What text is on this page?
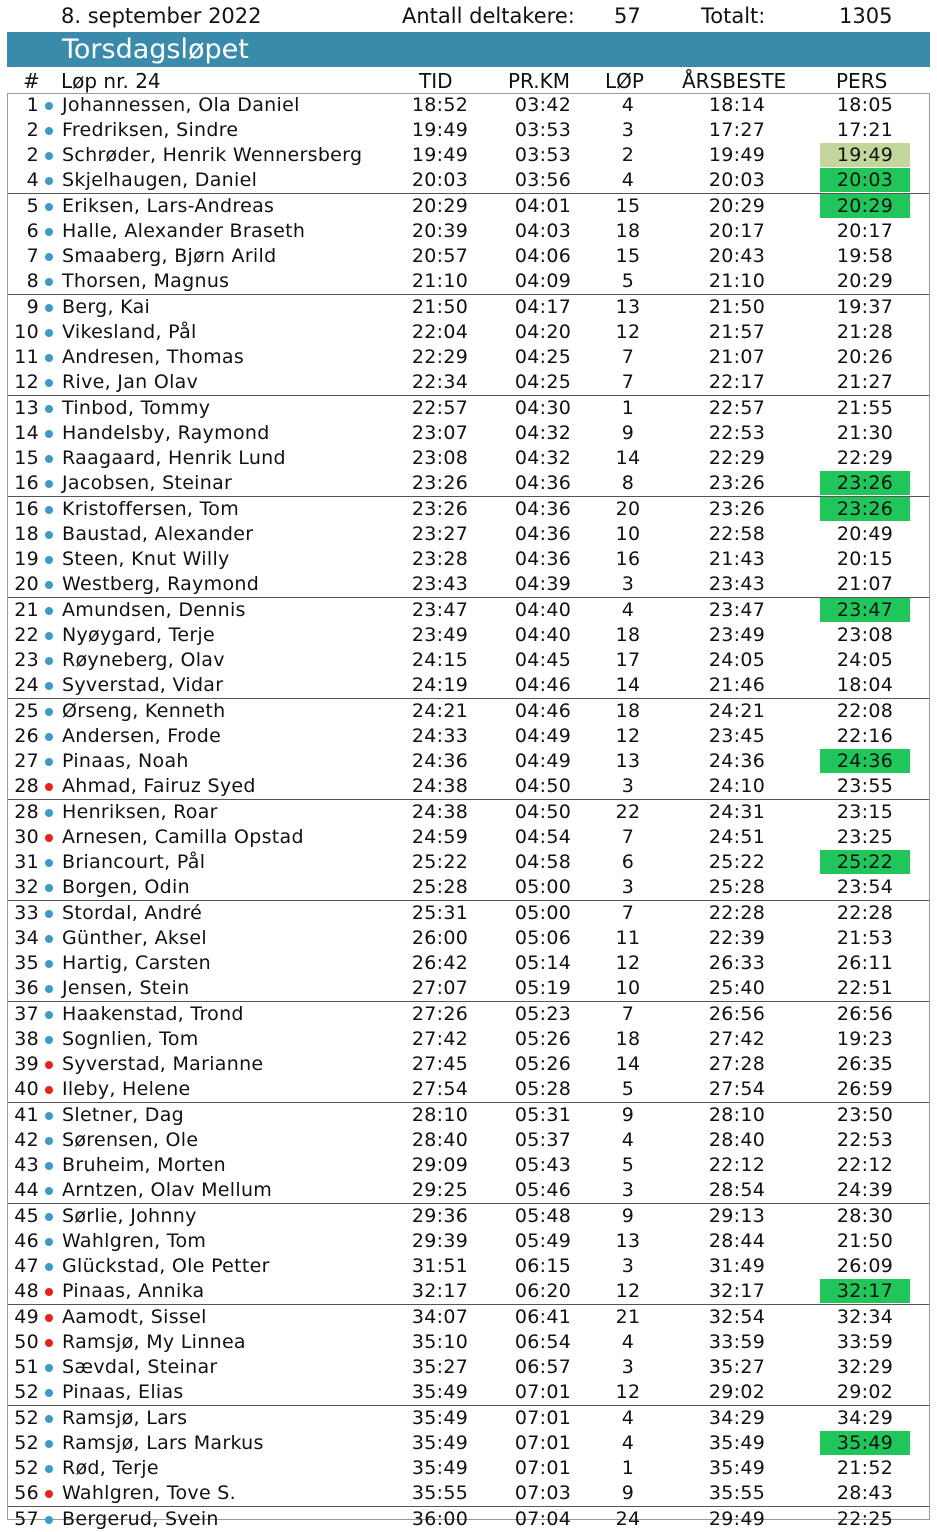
8. september 2022	Antall deltakere: 57	Totalt:	1305
Torsdagsløpet
# Løp nr. 24	TID	PR.KM LØP ÅRSBESTE PERS
1 Johannessen, Ola Daniel	18:52	03:42	4	18:14	18:05
2 Fredriksen, Sindre	19:49	03:53	3	17:27	17:21
2 Schrøder, Henrik Wennersberg	19:49	03:53	2	19:49	19:49
4 Skjelhaugen, Daniel	20:03	03:56	4	20:03	20:03
5 Eriksen, Lars-Andreas	20:29	04:01	15	20:29	20:29
6 Halle, Alexander Braseth	20:39	04:03	18	20:17	20:17
7 Smaaberg, Bjørn Arild	20:57	04:06	15	20:43	19:58
8 Thorsen, Magnus	21:10	04:09	5	21:10	20:29
9 Berg, Kai	21:50	04:17	13	21:50	19:37
10 Vikesland, Pål	22:04	04:20	12	21:57	21:28
11 Andresen, Thomas	22:29	04:25	7	21:07	20:26
12 Rive, Jan Olav	22:34	04:25	7	22:17	21:27
13 Tinbod, Tommy	22:57	04:30	1	22:57	21:55
14 Handelsby, Raymond	23:07	04:32	9	22:53	21:30
15 Raagaard, Henrik Lund	23:08	04:32	14	22:29	22:29
16 Jacobsen, Steinar	23:26	04:36	8	23:26	23:26
16 Kristoffersen, Tom	23:26	04:36	20	23:26	23:26
18 Baustad, Alexander	23:27	04:36	10	22:58	20:49
19 Steen, Knut Willy	23:28	04:36	16	21:43	20:15
20 Westberg, Raymond	23:43	04:39	3	23:43	21:07
21 Amundsen, Dennis	23:47	04:40	4	23:47	23:47
22 Nyøygard, Terje	23:49	04:40	18	23:49	23:08
23 Røyneberg, Olav	24:15	04:45	17	24:05	24:05
24 Syverstad, Vidar	24:19	04:46	14	21:46	18:04
25 Ørseng, Kenneth	24:21	04:46	18	24:21	22:08
26 Andersen, Frode	24:33	04:49	12	23:45	22:16
27 Pinaas, Noah	24:36	04:49	13	24:36	24:36
28 Ahmad, Fairuz Syed	24:38	04:50	3	24:10	23:55
28 Henriksen, Roar	24:38	04:50	22	24:31	23:15
30 Arnesen, Camilla Opstad	24:59	04:54	7	24:51	23:25
31 Briancourt, Pål	25:22	04:58	6	25:22	25:22
32 Borgen, Odin	25:28	05:00	3	25:28	23:54
33 Stordal, André	25:31	05:00	7	22:28	22:28
34 Günther, Aksel	26:00	05:06	11	22:39	21:53
35 Hartig, Carsten	26:42	05:14	12	26:33	26:11
36 Jensen, Stein	27:07	05:19	10	25:40	22:51
37 Haakenstad, Trond	27:26	05:23	7	26:56	26:56
38 Sognlien, Tom	27:42	05:26	18	27:42	19:23
39 Syverstad, Marianne	27:45	05:26	14	27:28	26:35
40 Ileby, Helene	27:54	05:28	5	27:54	26:59
41 Sletner, Dag	28:10	05:31	9	28:10	23:50
42 Sørensen, Ole	28:40	05:37	4	28:40	22:53
43 Bruheim, Morten	29:09	05:43	5	22:12	22:12
44 Arntzen, Olav Mellum	29:25	05:46	3	28:54	24:39
45 Sørlie, Johnny	29:36	05:48	9	29:13	28:30
46 Wahlgren, Tom	29:39	05:49	13	28:44	21:50
47 Glückstad, Ole Petter	31:51	06:15	3	31:49	26:09
48 Pinaas, Annika	32:17	06:20	12	32:17	32:17
49 Aamodt, Sissel	34:07	06:41	21	32:54	32:34
50 Ramsjø, My Linnea	35:10	06:54	4	33:59	33:59
51 Sævdal, Steinar	35:27	06:57	3	35:27	32:29
52 Pinaas, Elias	35:49	07:01	12	29:02	29:02
52 Ramsjø, Lars	35:49	07:01	4	34:29	34:29
52 Ramsjø, Lars Markus	35:49	07:01	4	35:49	35:49
52 Rød, Terje	35:49	07:01	1	35:49	21:52
56 Wahlgren, Tove S.	35:55	07:03	9	35:55	28:43
57 Bergerud, Svein	36:00	07:04	24	29:49	22:25
